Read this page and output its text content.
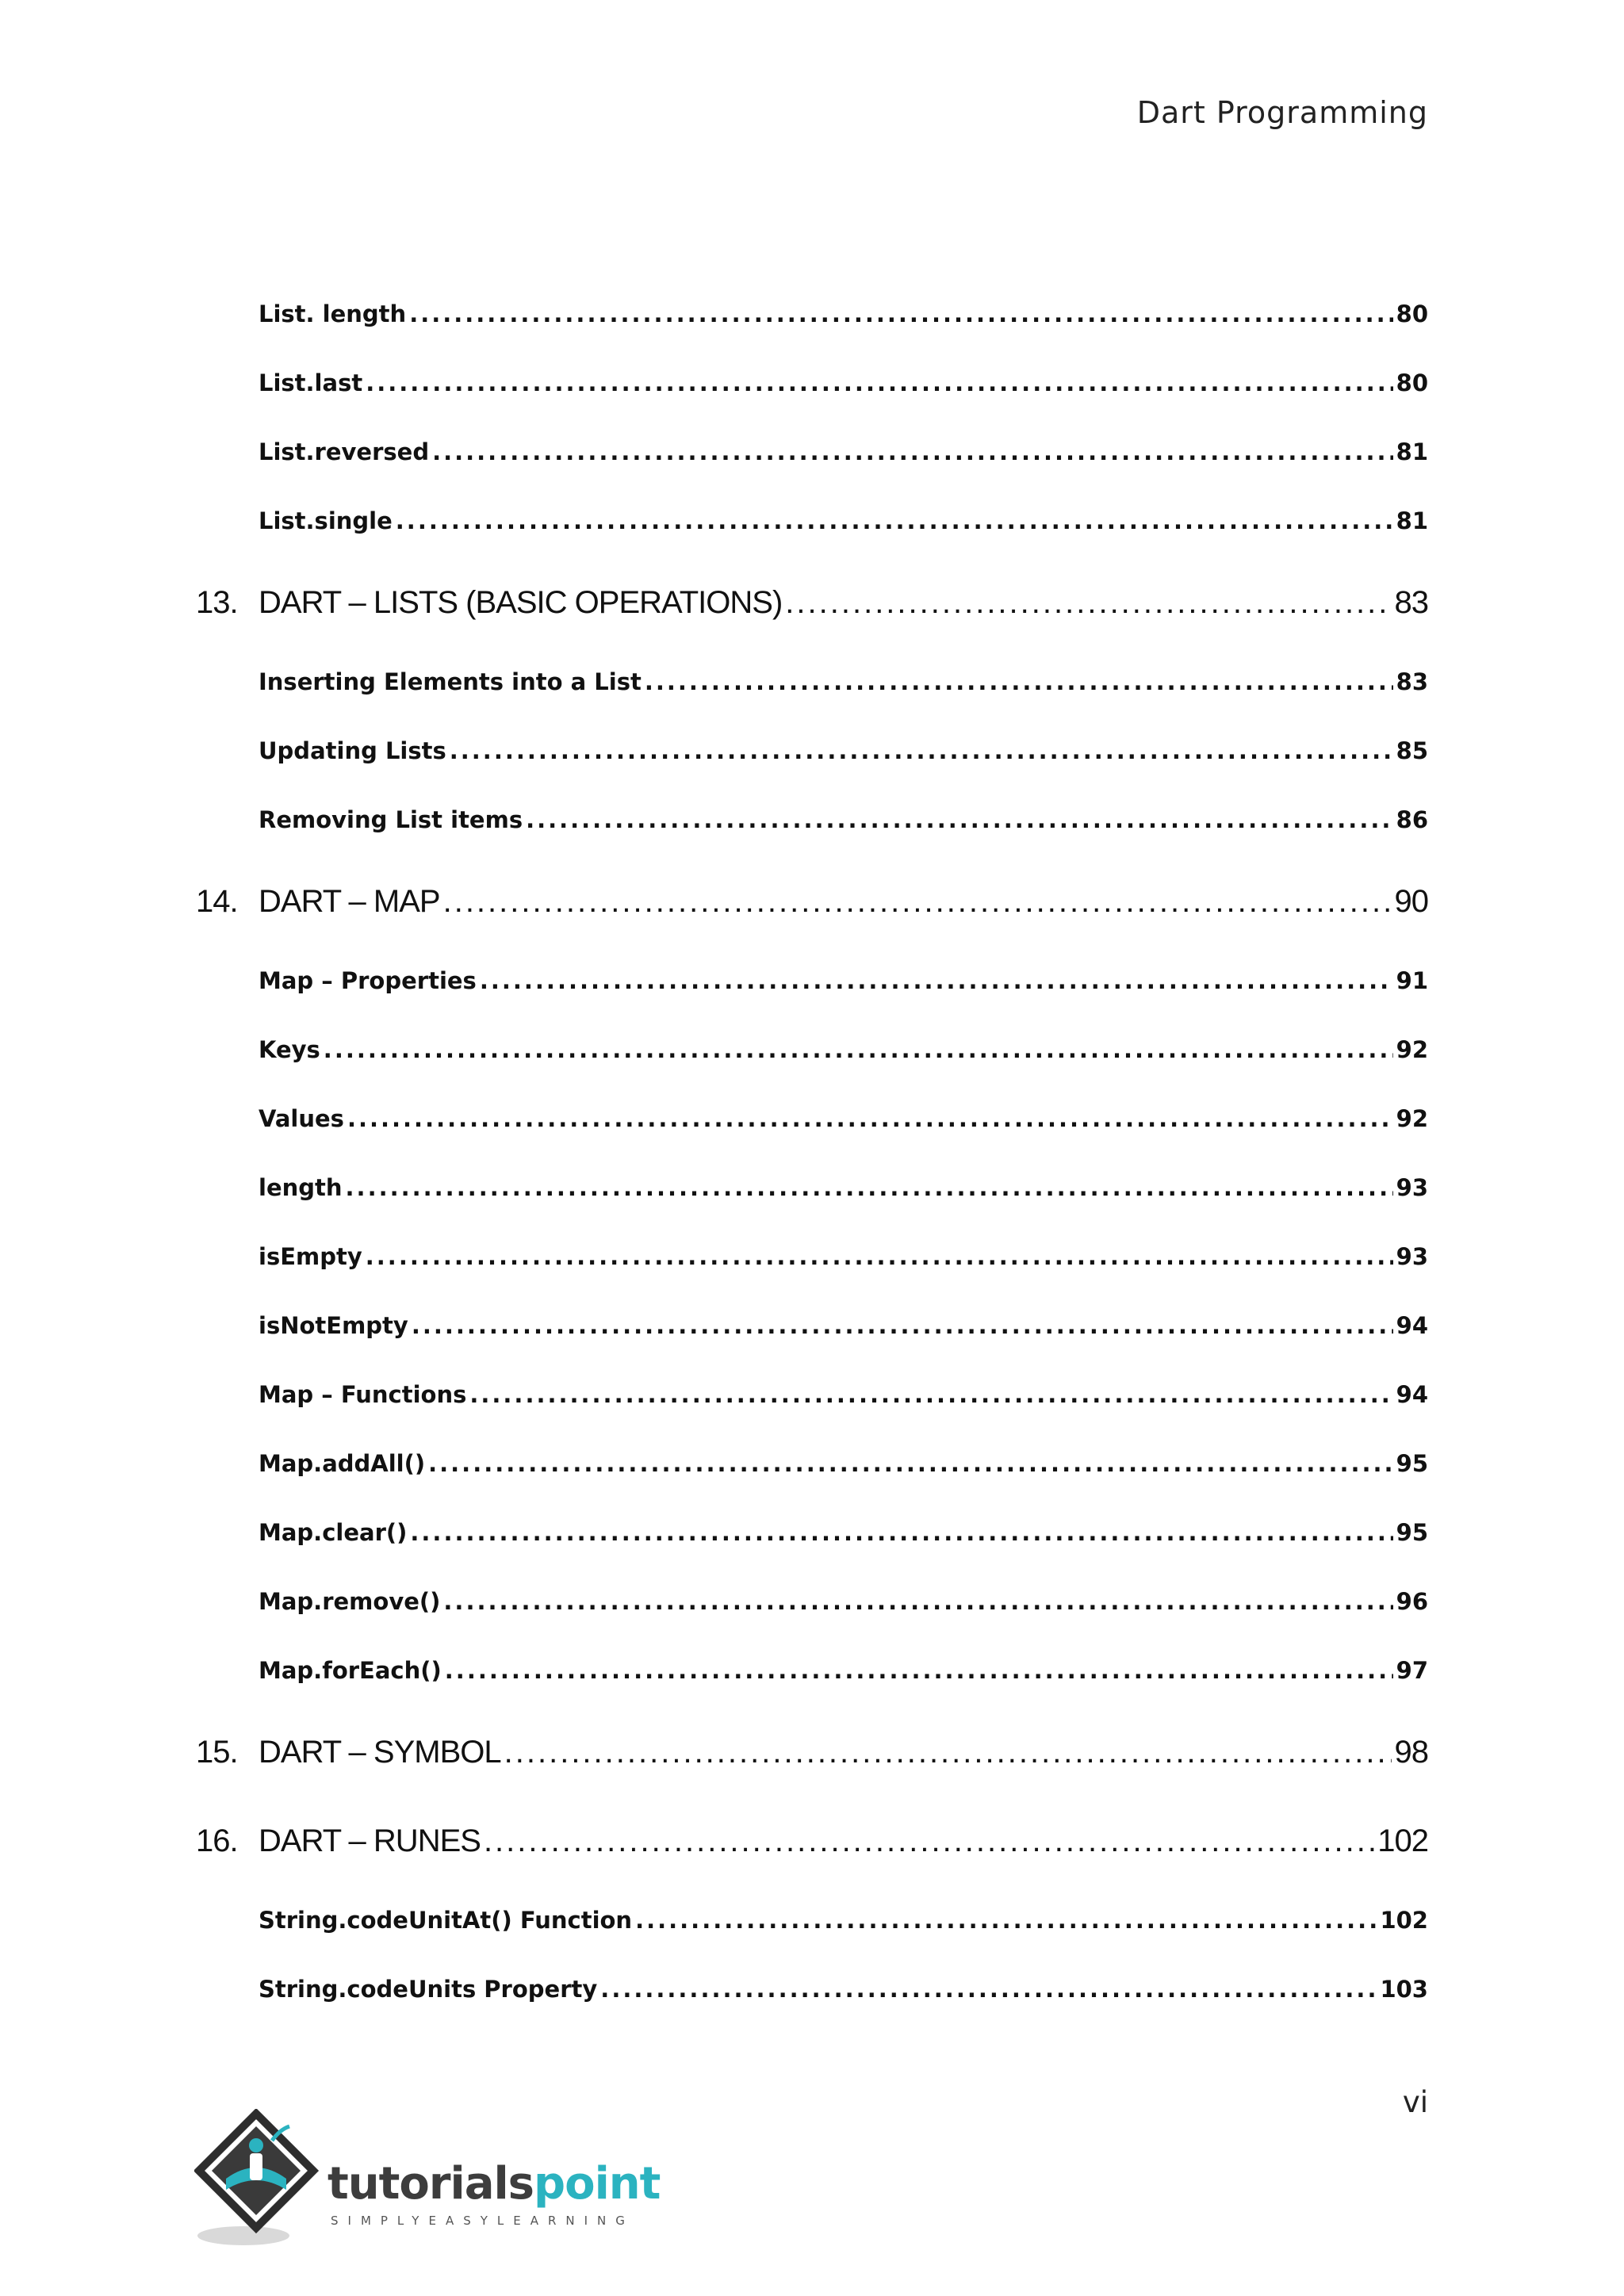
Dart Programming
List. length .....	80
List.last .....	80
List.reversed .....	81
List.single .....	81
13. DART – LISTS (BASIC OPERATIONS) .....	83
Inserting Elements into a List .....	83
Updating Lists .....	85
Removing List items .....	86
14. DART – MAP .....	90
Map – Properties .....	91
Keys .....	92
Values .....	92
length .....	93
isEmpty .....	93
isNotEmpty .....	94
Map – Functions .....	94
Map.addAll() .....	95
Map.clear() .....	95
Map.remove() .....	96
Map.forEach() .....	97
15. DART – SYMBOL .....	98
16. DART – RUNES .....	102
String.codeUnitAt() Function .....	102
String.codeUnits Property .....	103
vi
tutorialspoint
SIMPLYEASYLEARNING
